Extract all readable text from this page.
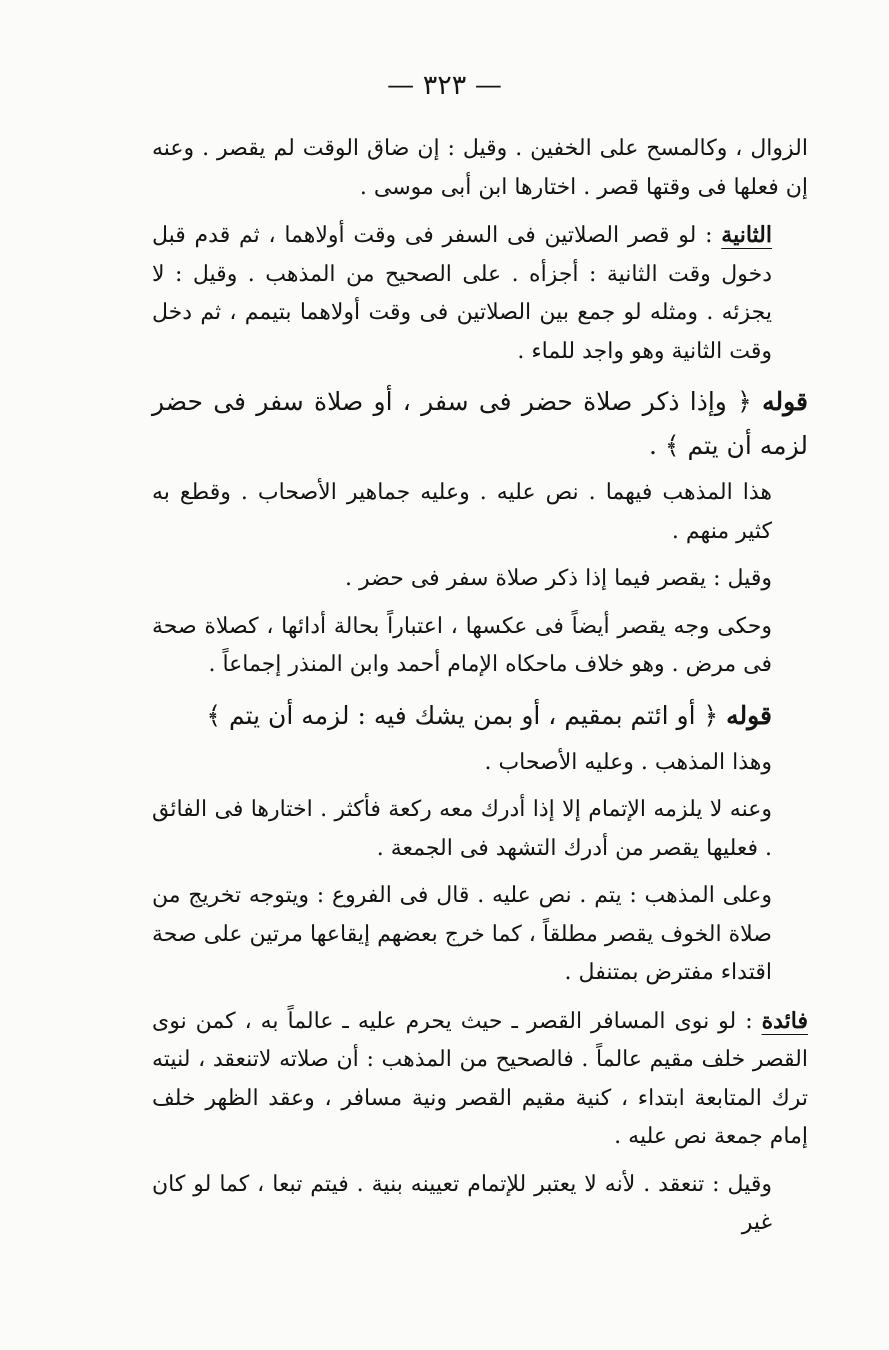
— ٣٢٣ —

الزوال ، وكالمسح على الخفين . وقيل : إن ضاق الوقت لم يقصر . وعنه إن فعلها فى وقتها قصر . اختارها ابن أبى موسى .

الثانية : لو قصر الصلاتين فى السفر فى وقت أولاهما ، ثم قدم قبل دخول وقت الثانية : أجزأه . على الصحيح من المذهب . وقيل : لا يجزئه . ومثله لو جمع بين الصلاتين فى وقت أولاهما بتيمم ، ثم دخل وقت الثانية وهو واجد للماء .

قوله ﴿ وإذا ذكر صلاة حضر فى سفر ، أو صلاة سفر فى حضر لزمه أن يتم ﴾ .

هذا المذهب فيهما . نص عليه . وعليه جماهير الأصحاب . وقطع به كثير منهم .

وقيل : يقصر فيما إذا ذكر صلاة سفر فى حضر .

وحكى وجه يقصر أيضاً فى عكسها ، اعتباراً بحالة أدائها ، كصلاة صحة فى مرض . وهو خلاف ماحكاه الإمام أحمد وابن المنذر إجماعاً .

قوله ﴿ أو ائتم بمقيم ، أو بمن يشك فيه : لزمه أن يتم ﴾

وهذا المذهب . وعليه الأصحاب .

وعنه لا يلزمه الإتمام إلا إذا أدرك معه ركعة فأكثر . اختارها فى الفائق . فعليها يقصر من أدرك التشهد فى الجمعة .

وعلى المذهب : يتم . نص عليه . قال فى الفروع : ويتوجه تخريج من صلاة الخوف يقصر مطلقاً ، كما خرج بعضهم إيقاعها مرتين على صحة اقتداء مفترض بمتنفل .

فائدة : لو نوى المسافر القصر ـ حيث يحرم عليه ـ عالماً به ، كمن نوى القصر خلف مقيم عالماً . فالصحيح من المذهب : أن صلاته لاتنعقد ، لنيته ترك المتابعة ابتداء ، كنية مقيم القصر ونية مسافر ، وعقد الظهر خلف إمام جمعة نص عليه .

وقيل : تنعقد . لأنه لا يعتبر للإتمام تعيينه بنية . فيتم تبعا ، كما لو كان غير
